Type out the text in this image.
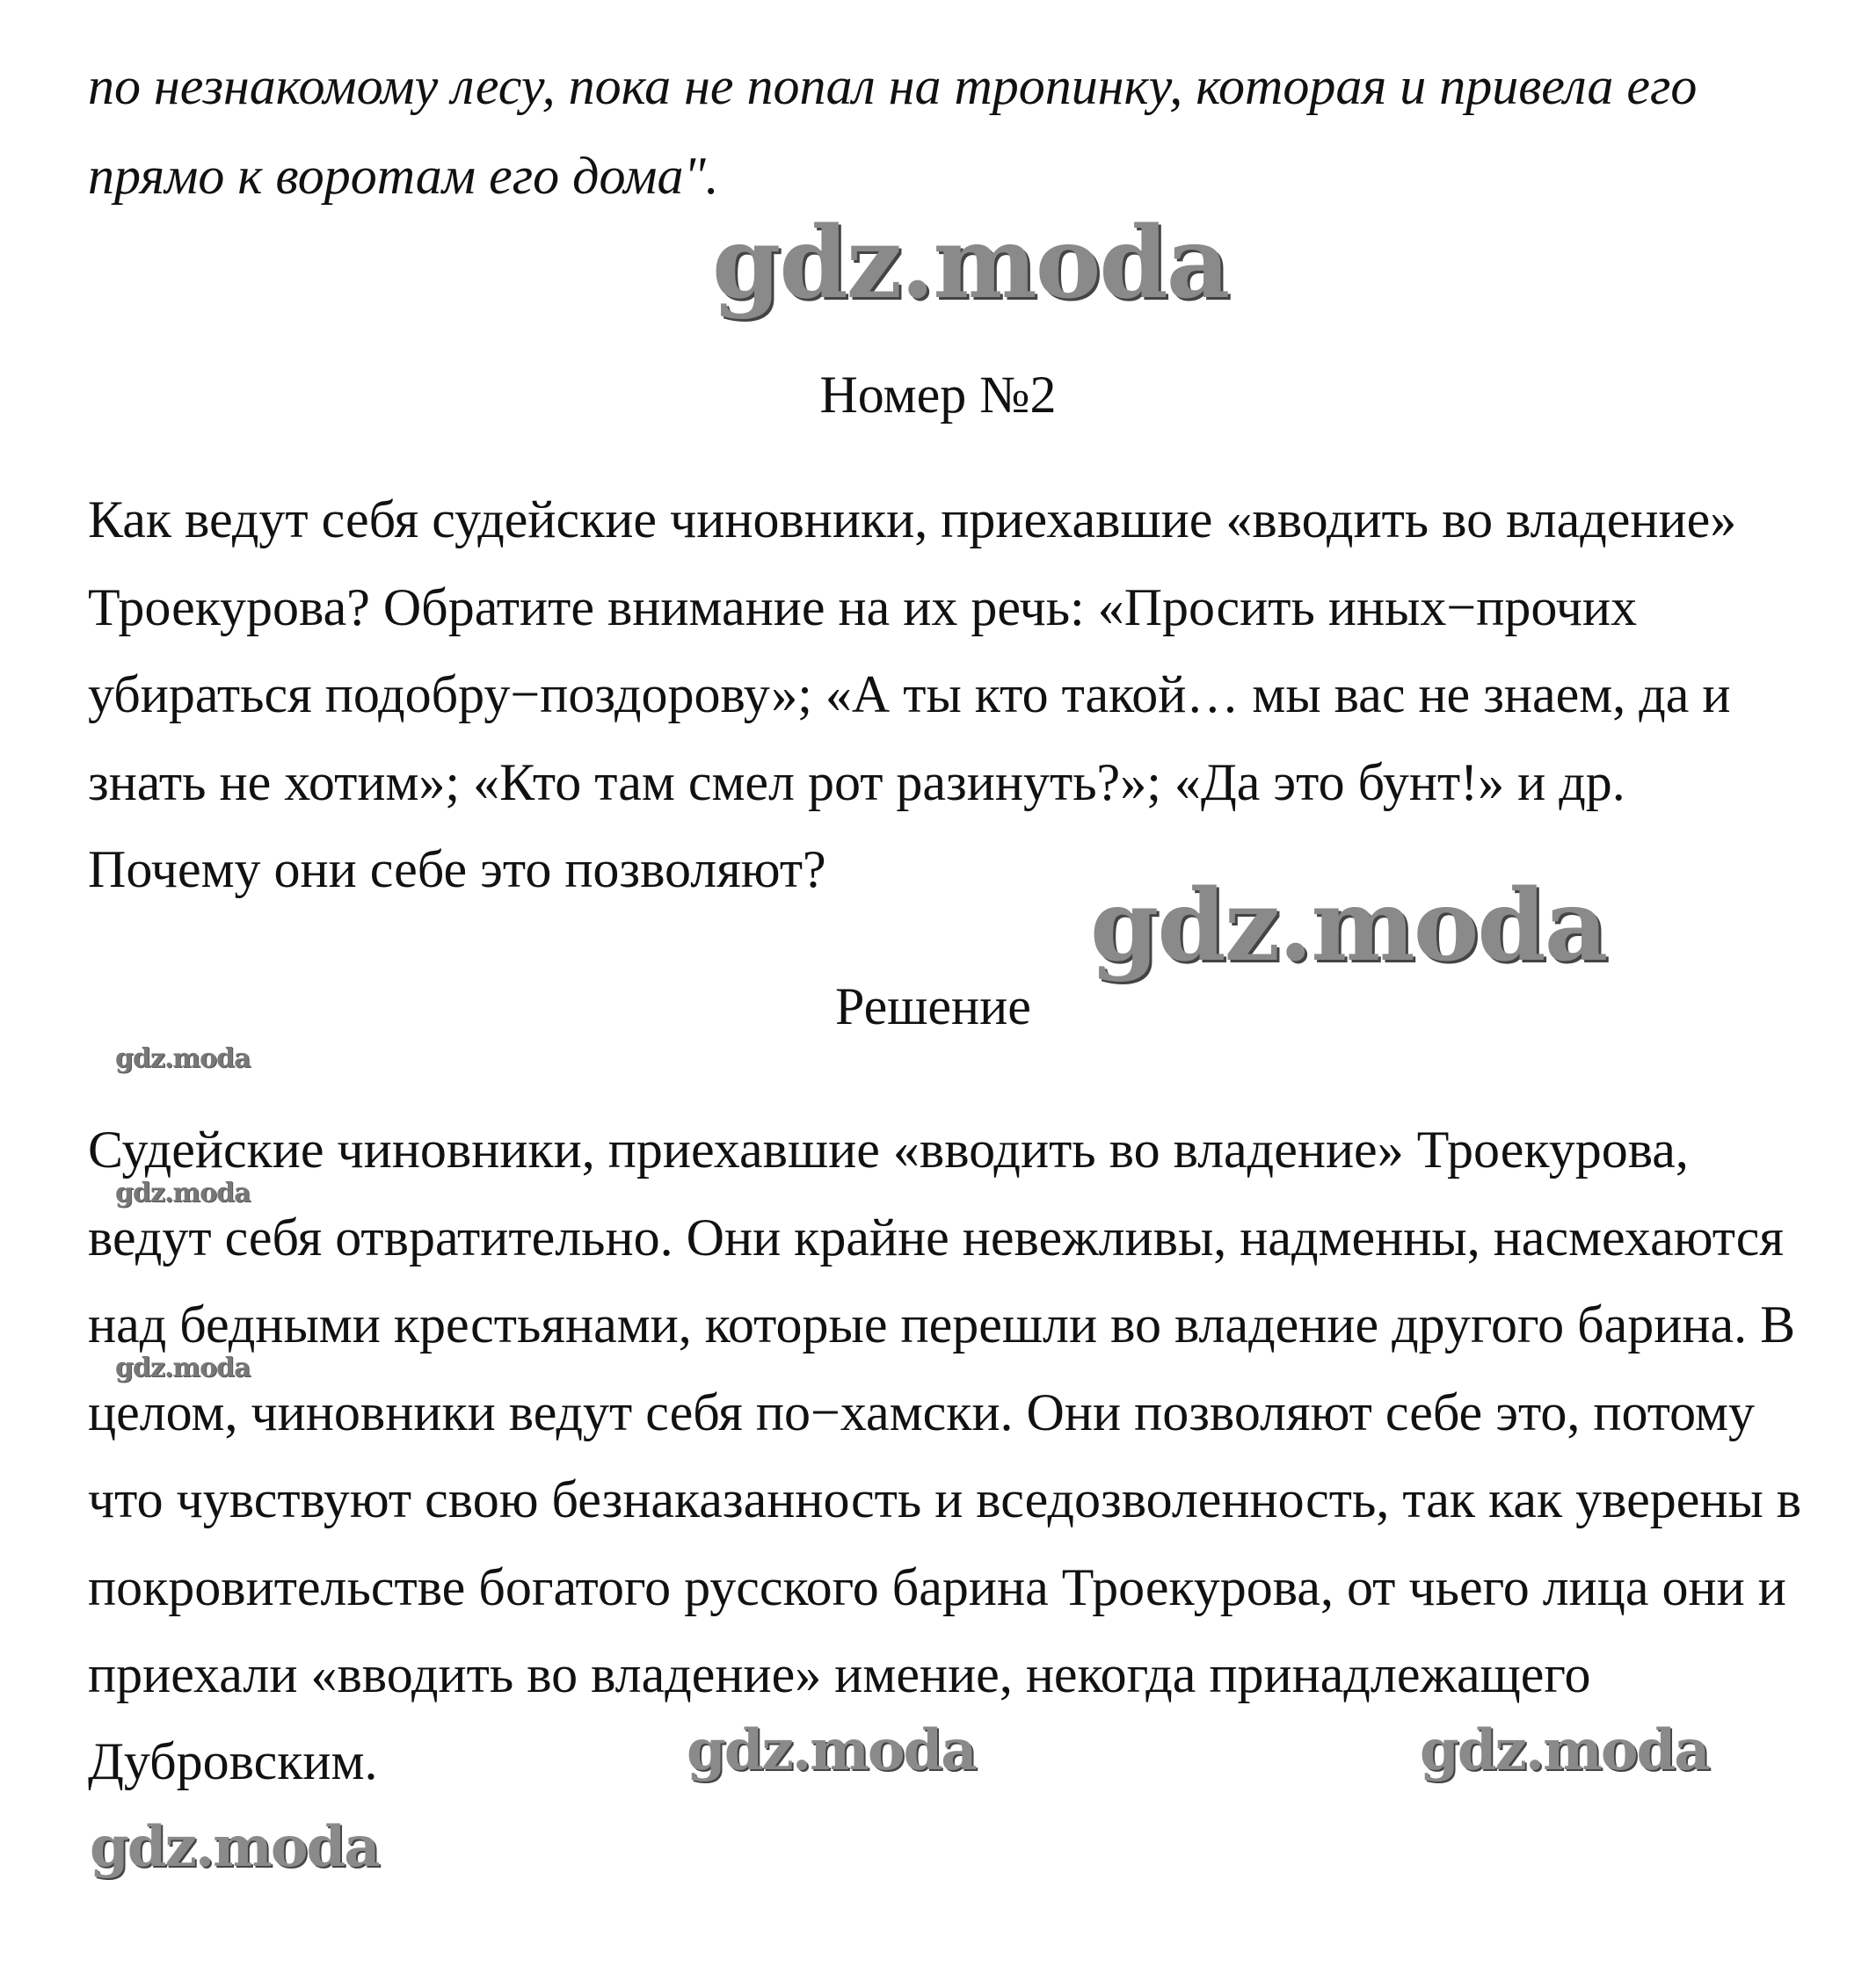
gdz.moda
gdz.moda
gdz.moda
gdz.moda
gdz.moda
gdz.moda
gdz.moda	gdz.moda
по незнакомому лесу, пока не попал на тропинку, которая и привела его
прямо к воротам его дома".
Номер №2
Как ведут себя судейские чиновники, приехавшие «вводить во владение»
Троекурова? Обратите внимание на их речь: «Просить иных−прочих
убираться подобру−поздорову»; «А ты кто такой… мы вас не знаем, да и
знать не хотим»; «Кто там смел рот разинуть?»; «Да это бунт!» и др.
Почему они себе это позволяют?
Решение
Судейские чиновники, приехавшие «вводить во владение» Троекурова,
ведут себя отвратительно. Они крайне невежливы, надменны, насмехаются
над бедными крестьянами, которые перешли во владение другого барина. В
целом, чиновники ведут себя по−хамски. Они позволяют себе это, потому
что чувствуют свою безнаказанность и вседозволенность, так как уверены в
покровительстве богатого русского барина Троекурова, от чьего лица они и
приехали «вводить во владение» имение, некогда принадлежащего
Дубровским.
